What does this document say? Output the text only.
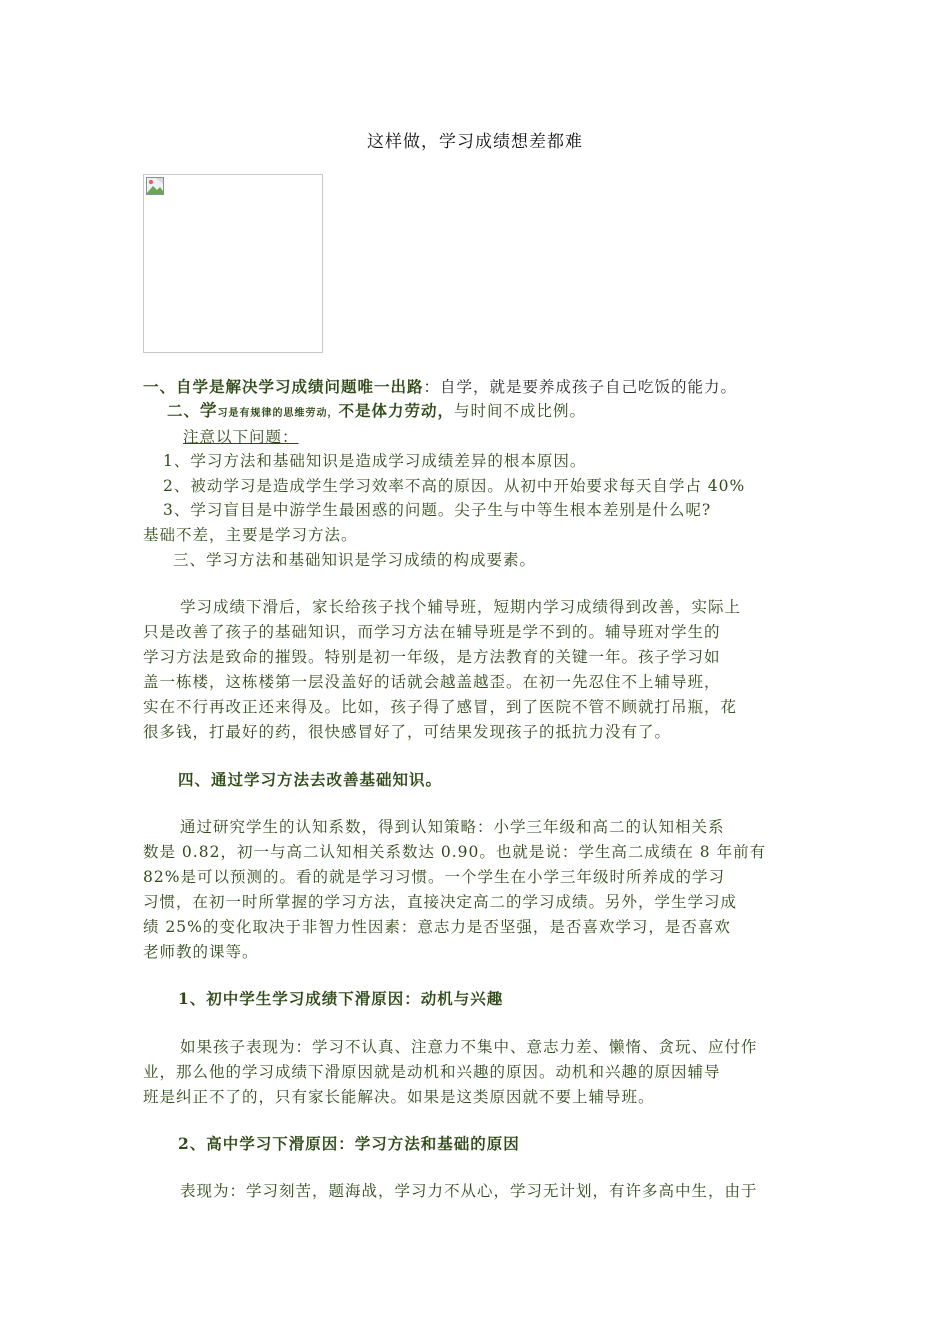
这样做，学习成绩想差都难
一、自学是解决学习成绩问题唯一出路：自学，就是要养成孩子自己吃饭的能力。
二、学习是有规律的思维劳动，不是体力劳动，与时间不成比例。
注意以下问题：
1、学习方法和基础知识是造成学习成绩差异的根本原因。
2、被动学习是造成学生学习效率不高的原因。从初中开始要求每天自学占 40%
3、学习盲目是中游学生最困惑的问题。尖子生与中等生根本差别是什么呢?
基础不差，主要是学习方法。
三、学习方法和基础知识是学习成绩的构成要素。
学习成绩下滑后，家长给孩子找个辅导班，短期内学习成绩得到改善，实际上
只是改善了孩子的基础知识，而学习方法在辅导班是学不到的。辅导班对学生的
学习方法是致命的摧毁。特别是初一年级，是方法教育的关键一年。孩子学习如
盖一栋楼，这栋楼第一层没盖好的话就会越盖越歪。在初一先忍住不上辅导班，
实在不行再改正还来得及。比如，孩子得了感冒，到了医院不管不顾就打吊瓶，花
很多钱，打最好的药，很快感冒好了，可结果发现孩子的抵抗力没有了。
四、通过学习方法去改善基础知识。
通过研究学生的认知系数，得到认知策略：小学三年级和高二的认知相关系
数是 0.82，初一与高二认知相关系数达 0.90。也就是说：学生高二成绩在 8 年前有
82%是可以预测的。看的就是学习习惯。一个学生在小学三年级时所养成的学习
习惯，在初一时所掌握的学习方法，直接决定高二的学习成绩。另外，学生学习成
绩 25%的变化取决于非智力性因素：意志力是否坚强，是否喜欢学习，是否喜欢
老师教的课等。
1、初中学生学习成绩下滑原因：动机与兴趣
如果孩子表现为：学习不认真、注意力不集中、意志力差、懒惰、贪玩、应付作
业，那么他的学习成绩下滑原因就是动机和兴趣的原因。动机和兴趣的原因辅导
班是纠正不了的，只有家长能解决。如果是这类原因就不要上辅导班。
2、高中学习下滑原因：学习方法和基础的原因
表现为：学习刻苦，题海战，学习力不从心，学习无计划，有许多高中生，由于
